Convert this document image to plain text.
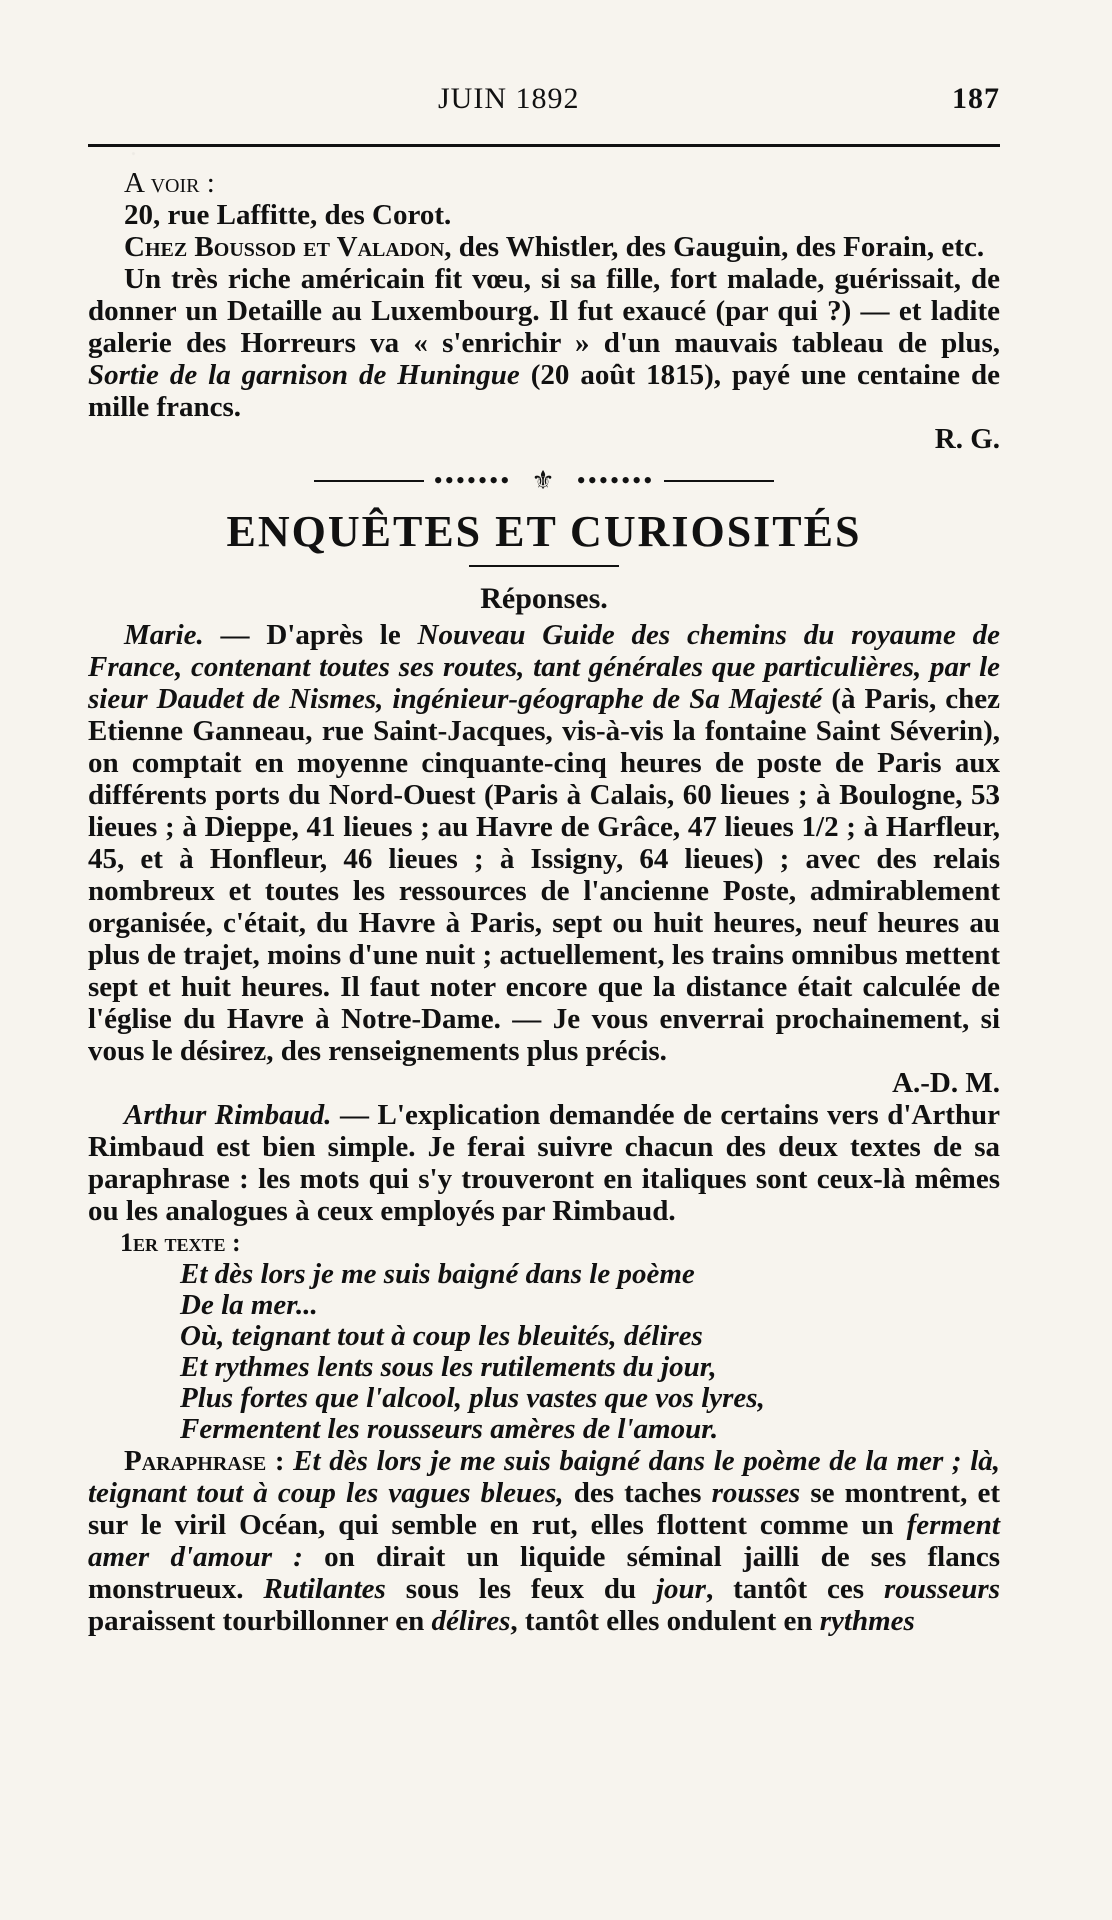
JUIN 1892	187

A voir :

20, rue Laffitte, des Corot.

Chez Boussod et Valadon, des Whistler, des Gauguin, des Forain, etc.

Un très riche américain fit vœu, si sa fille, fort malade, guérissait, de donner un Detaille au Luxembourg. Il fut exaucé (par qui ?) — et ladite galerie des Horreurs va « s'enrichir » d'un mauvais tableau de plus, Sortie de la garnison de Huningue (20 août 1815), payé une centaine de mille francs.

R. G.
••••••• ⚜ •••••••
ENQUÊTES ET CURIOSITÉS
Réponses.

Marie. — D'après le Nouveau Guide des chemins du royaume de France, contenant toutes ses routes, tant générales que particulières, par le sieur Daudet de Nismes, ingénieur-géographe de Sa Majesté (à Paris, chez Etienne Ganneau, rue Saint-Jacques, vis-à-vis la fontaine Saint Séverin), on comptait en moyenne cinquante-cinq heures de poste de Paris aux différents ports du Nord-Ouest (Paris à Calais, 60 lieues ; à Boulogne, 53 lieues ; à Dieppe, 41 lieues ; au Havre de Grâce, 47 lieues 1/2 ; à Harfleur, 45, et à Honfleur, 46 lieues ; à Issigny, 64 lieues) ; avec des relais nombreux et toutes les ressources de l'ancienne Poste, admirablement organisée, c'était, du Havre à Paris, sept ou huit heures, neuf heures au plus de trajet, moins d'une nuit ; actuellement, les trains omnibus mettent sept et huit heures. Il faut noter encore que la distance était calculée de l'église du Havre à Notre-Dame. — Je vous enverrai prochainement, si vous le désirez, des renseignements plus précis.

A.-D. M.

Arthur Rimbaud. — L'explication demandée de certains vers d'Arthur Rimbaud est bien simple. Je ferai suivre chacun des deux textes de sa paraphrase : les mots qui s'y trouveront en italiques sont ceux-là mêmes ou les analogues à ceux employés par Rimbaud.

1er texte :

Et dès lors je me suis baigné dans le poème

De la mer...

Où, teignant tout à coup les bleuités, délires

Et rythmes lents sous les rutilements du jour,

Plus fortes que l'alcool, plus vastes que vos lyres,

Fermentent les rousseurs amères de l'amour.

Paraphrase : Et dès lors je me suis baigné dans le poème de la mer ; là, teignant tout à coup les vagues bleues, des taches rousses se montrent, et sur le viril Océan, qui semble en rut, elles flottent comme un ferment amer d'amour : on dirait un liquide séminal jailli de ses flancs monstrueux. Rutilantes sous les feux du jour, tantôt ces rousseurs paraissent tourbillonner en délires, tantôt elles ondulent en rythmes
